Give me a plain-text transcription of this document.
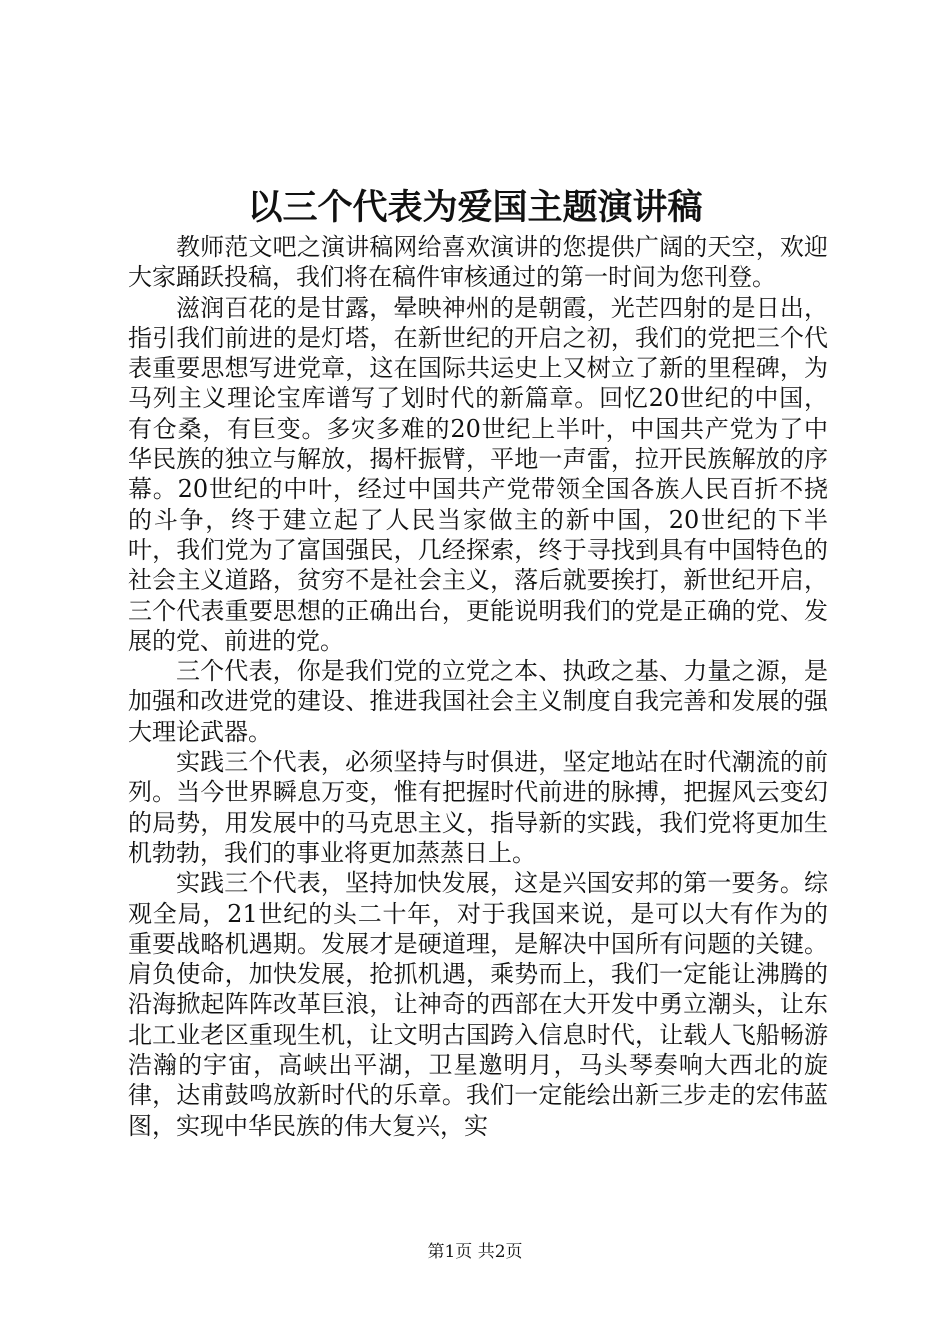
以三个代表为爱国主题演讲稿

教师范文吧之演讲稿网给喜欢演讲的您提供广阔的天空，欢迎大家踊跃投稿，我们将在稿件审核通过的第一时间为您刊登。

滋润百花的是甘露，晕映神州的是朝霞，光芒四射的是日出，指引我们前进的是灯塔，在新世纪的开启之初，我们的党把三个代表重要思想写进党章，这在国际共运史上又树立了新的里程碑，为马列主义理论宝库谱写了划时代的新篇章。回忆20世纪的中国，有仓桑，有巨变。多灾多难的20世纪上半叶，中国共产党为了中华民族的独立与解放，揭杆振臂，平地一声雷，拉开民族解放的序幕。20世纪的中叶，经过中国共产党带领全国各族人民百折不挠的斗争，终于建立起了人民当家做主的新中国，20世纪的下半叶，我们党为了富国强民，几经探索，终于寻找到具有中国特色的社会主义道路，贫穷不是社会主义，落后就要挨打，新世纪开启，三个代表重要思想的正确出台，更能说明我们的党是正确的党、发展的党、前进的党。

三个代表，你是我们党的立党之本、执政之基、力量之源，是加强和改进党的建设、推进我国社会主义制度自我完善和发展的强大理论武器。

实践三个代表，必须坚持与时俱进，坚定地站在时代潮流的前列。当今世界瞬息万变，惟有把握时代前进的脉搏，把握风云变幻的局势，用发展中的马克思主义，指导新的实践，我们党将更加生机勃勃，我们的事业将更加蒸蒸日上。

实践三个代表，坚持加快发展，这是兴国安邦的第一要务。综观全局，21世纪的头二十年，对于我国来说，是可以大有作为的重要战略机遇期。发展才是硬道理，是解决中国所有问题的关键。肩负使命，加快发展，抢抓机遇，乘势而上，我们一定能让沸腾的沿海掀起阵阵改革巨浪，让神奇的西部在大开发中勇立潮头，让东北工业老区重现生机，让文明古国跨入信息时代，让载人飞船畅游浩瀚的宇宙，高峡出平湖，卫星邀明月，马头琴奏响大西北的旋律，达甫鼓鸣放新时代的乐章。我们一定能绘出新三步走的宏伟蓝图，实现中华民族的伟大复兴，实

第1页 共2页
